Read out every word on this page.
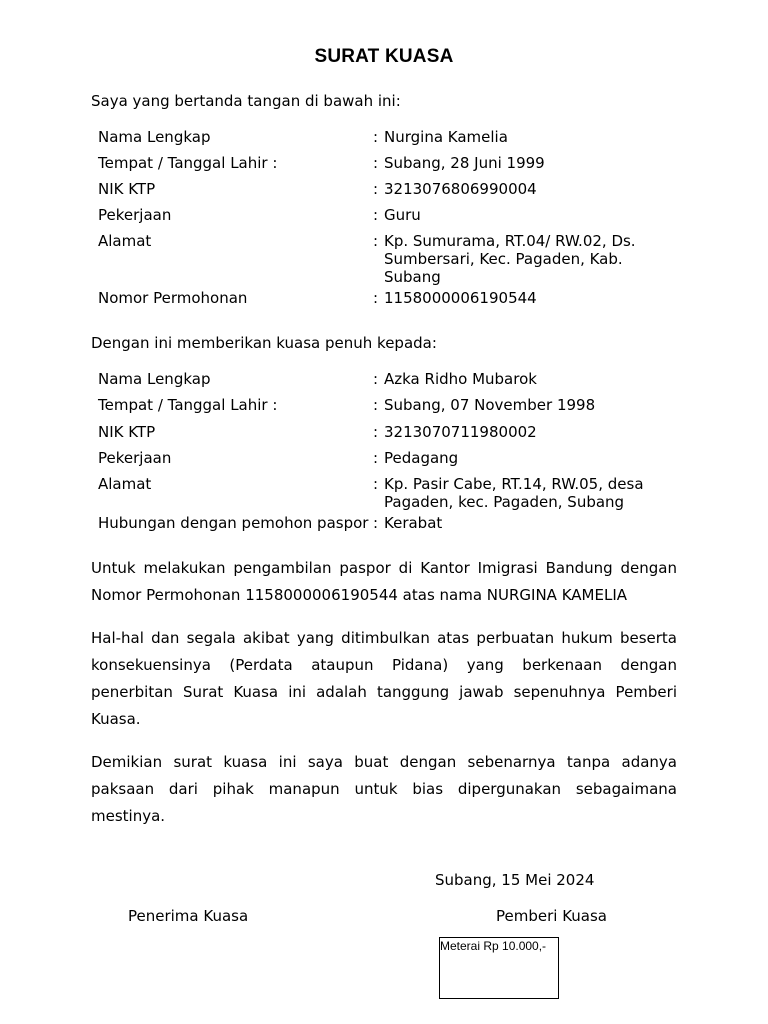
SURAT KUASA
Saya yang bertanda tangan di bawah ini:
Nama Lengkap	: Nurgina Kamelia
Tempat / Tanggal Lahir :	: Subang, 28 Juni 1999
NIK KTP	: 3213076806990004
Pekerjaan	: Guru
Alamat	: Kp. Sumurama, RT.04/ RW.02, Ds. Sumbersari, Kec. Pagaden, Kab. Subang
Nomor Permohonan	: 1158000006190544
Dengan ini memberikan kuasa penuh kepada:
Nama Lengkap	: Azka Ridho Mubarok
Tempat / Tanggal Lahir :	: Subang, 07 November 1998
NIK KTP	: 3213070711980002
Pekerjaan	: Pedagang
Alamat	: Kp. Pasir Cabe, RT.14, RW.05, desa Pagaden, kec. Pagaden, Subang
Hubungan dengan pemohon paspor : Kerabat
Untuk melakukan pengambilan paspor di Kantor Imigrasi Bandung dengan Nomor Permohonan 1158000006190544 atas nama NURGINA KAMELIA
Hal-hal dan segala akibat yang ditimbulkan atas perbuatan hukum beserta konsekuensinya (Perdata ataupun Pidana) yang berkenaan dengan penerbitan Surat Kuasa ini adalah tanggung jawab sepenuhnya Pemberi Kuasa.
Demikian surat kuasa ini saya buat dengan sebenarnya tanpa adanya paksaan dari pihak manapun untuk bias dipergunakan sebagaimana mestinya.
Subang, 15 Mei 2024
Penerima Kuasa	Pemberi Kuasa
Meterai Rp 10.000,-
